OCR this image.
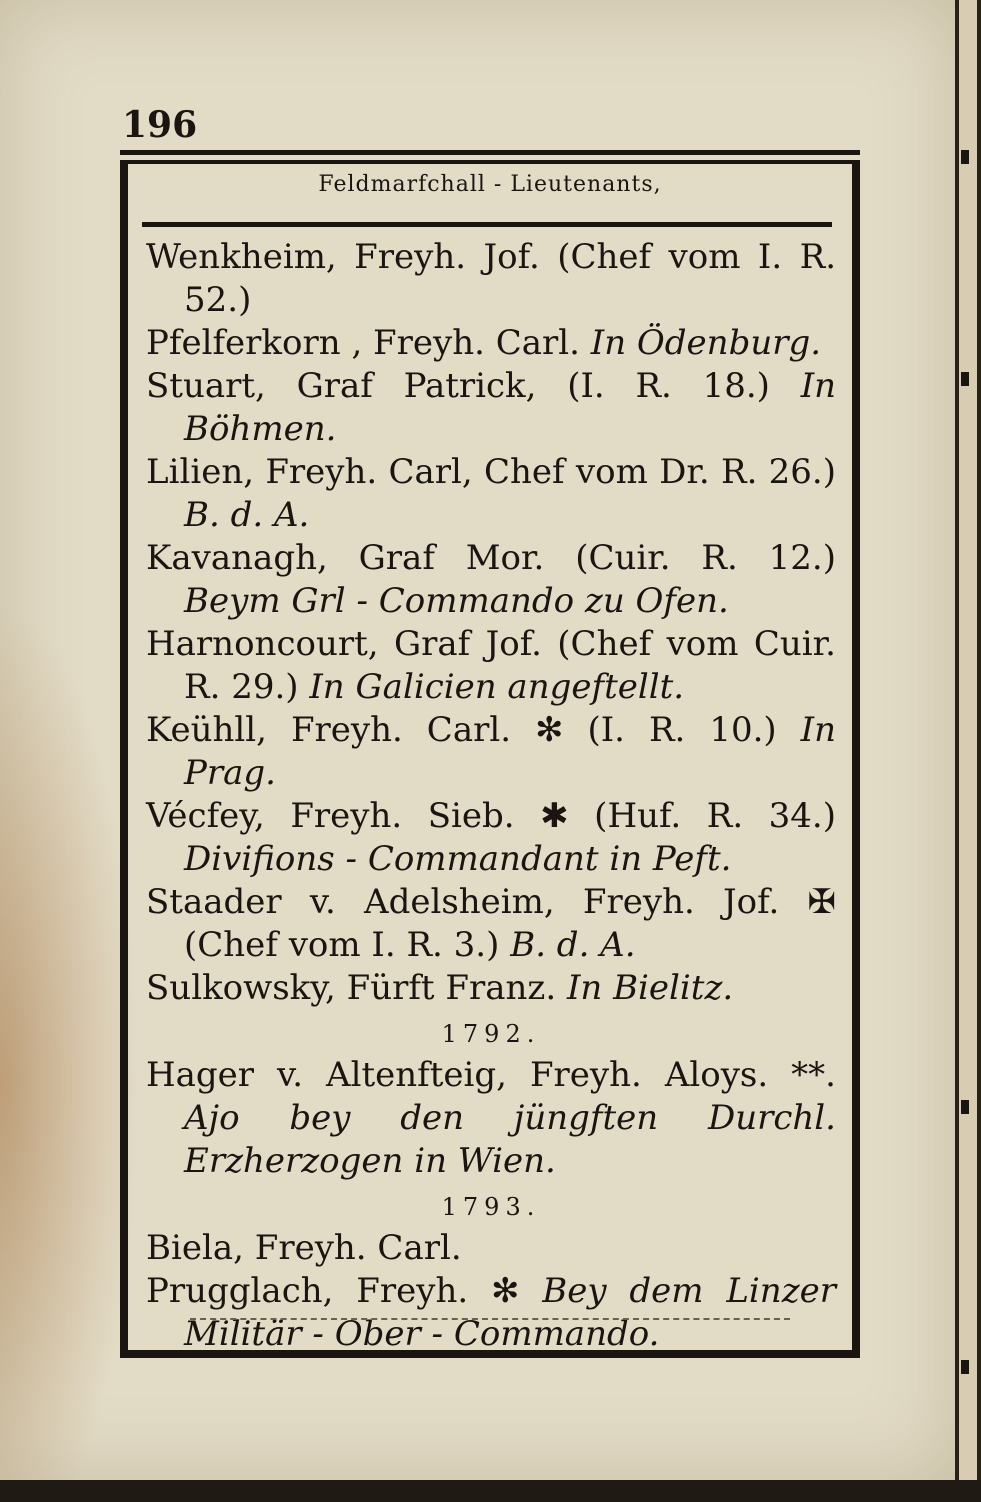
196
Feldmarfchall - Lieutenants,

Wenkheim, Freyh. Jof. (Chef vom I. R. 52.)

Pfelferkorn , Freyh. Carl. In Ödenburg.

Stuart, Graf Patrick, (I. R. 18.) In Böhmen.

Lilien, Freyh. Carl, Chef vom Dr. R. 26.) B. d. A.

Kavanagh, Graf Mor. (Cuir. R. 12.) Beym Grl - Commando zu Ofen.

Harnoncourt, Graf Jof. (Chef vom Cuir. R. 29.) In Galicien angeftellt.

Keühll, Freyh. Carl. ✻ (I. R. 10.) In Prag.

Vécfey, Freyh. Sieb. ✱ (Huf. R. 34.) Divifions - Commandant in Peft.

Staader v. Adelsheim, Freyh. Jof. ✠ (Chef vom I. R. 3.) B. d. A.

Sulkowsky, Fürft Franz. In Bielitz.

1792.

Hager v. Altenfteig, Freyh. Aloys. **. Ajo bey den jüngften Durchl. Erzherzogen in Wien.

1793.

Biela, Freyh. Carl.

Prugglach, Freyh. ✻ Bey dem Linzer Militär - Ober - Commando.
